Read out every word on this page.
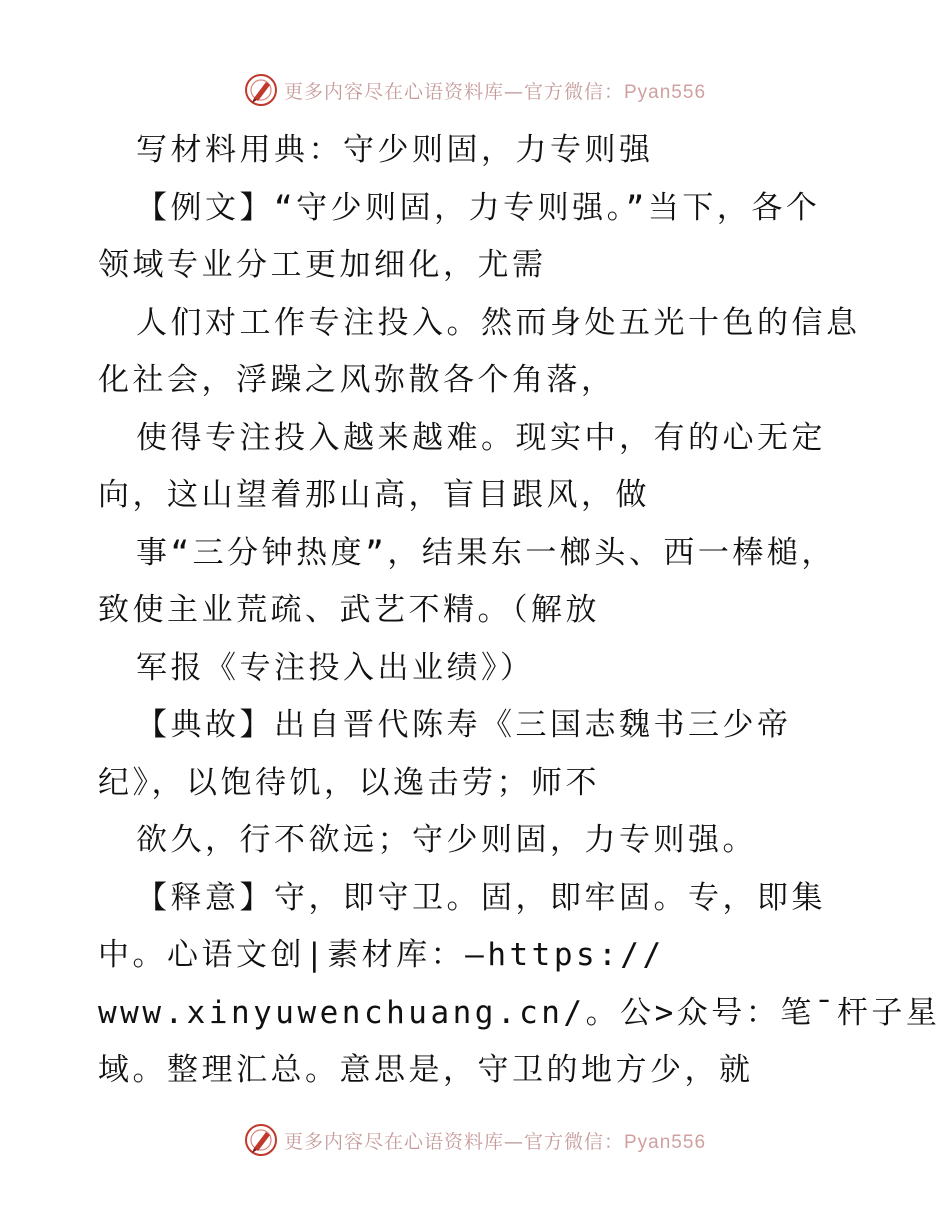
更多内容尽在心语资料库—官方微信：Pyan556
写材料用典：守少则固，力专则强
【例文】“守少则固，力专则强。”当下，各个
领域专业分工更加细化，尤需
人们对工作专注投入。然而身处五光十色的信息
化社会，浮躁之风弥散各个角落，
使得专注投入越来越难。现实中，有的心无定
向，这山望着那山高，盲目跟风，做
事“三分钟热度”，结果东一榔头、西一棒槌，
致使主业荒疏、武艺不精。（解放
军报《专注投入出业绩》）
【典故】出自晋代陈寿《三国志魏书三少帝
纪》，以饱待饥，以逸击劳；师不
欲久，行不欲远；守少则固，力专则强。
【释意】守，即守卫。固，即牢固。专，即集
中。心语文创|素材库：—https://
www.xinyuwenchuang.cn/。公>众号：笔¯杆子星
域。整理汇总。意思是，守卫的地方少，就
更多内容尽在心语资料库—官方微信：Pyan556
